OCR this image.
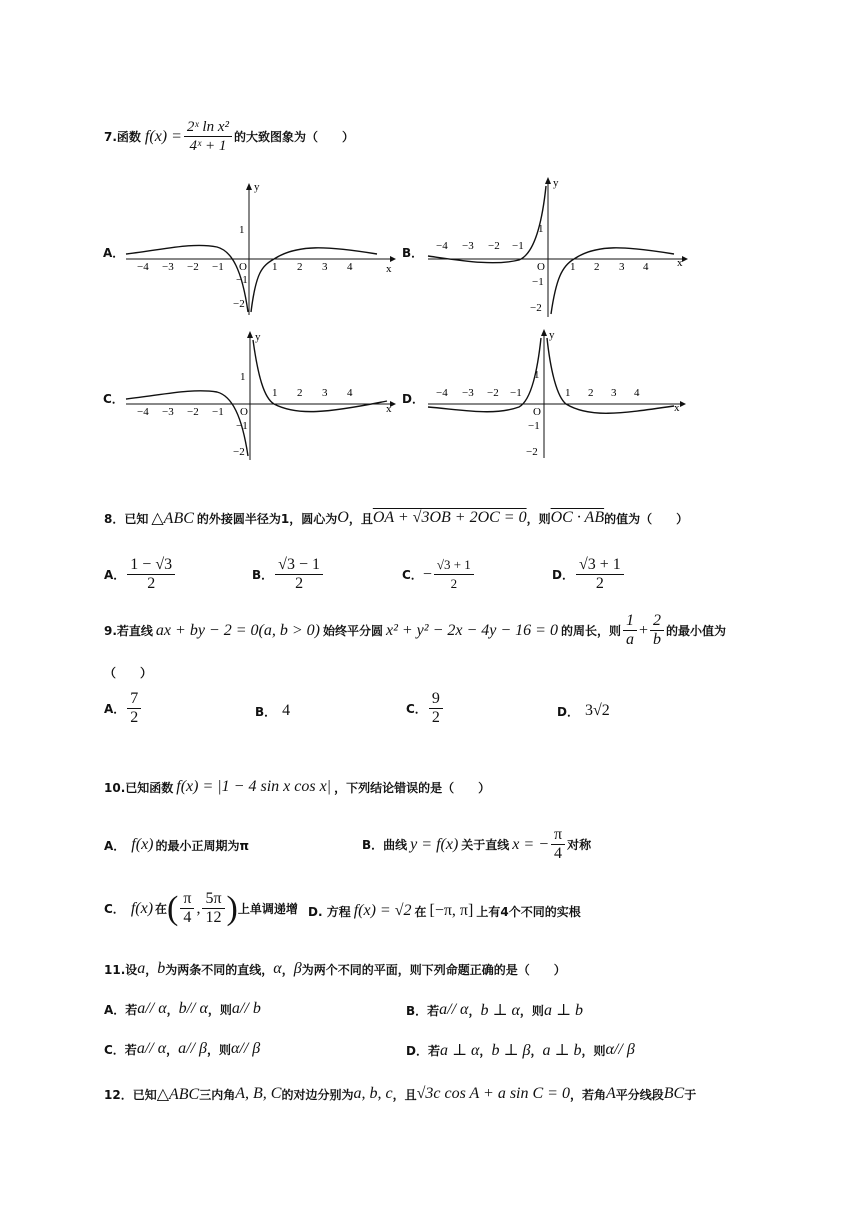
7.函数 $f(x) = \frac{\text{2ˣ ln x²}}{\text{4ˣ + 1}}$ 的大致图象为（　　）
A．	B．
C．	D．
y
x
O
−4 −3 −2 −1	1 2 3 4
1
−1
−2
y
x
O
−4 −3 −2 −1
1 2 3 4
1
−1
−2
y
x
O
−4 −3 −2 −1
1 2 3 4
1
−1
−2
y
x
O
−4 −3 −2 −1	1 2 3 4
1
−1
−2
8．已知 △ABC 的外接圆半径为1，圆心为 O ，且 OA + √3OB + 2OC = 0 ，则 OC · AB 的值为（　　）
A． $\frac{1 - √3}{2}$	B． $\frac{√3 - 1}{2}$	C． − $\frac{√3 + 1}{2}$	D． $\frac{√3 + 1}{2}$
9.若直线 ax + by − 2 = 0(a, b > 0) 始终平分圆 x² + y² − 2x − 4y − 16 = 0 的周长，则 $\frac{1}{a} + \frac{2}{b}$ 的最小值为
（　　）
A． $\frac{7}{2}$	B． 4	C． $\frac{9}{2}$	D． 3√2
10.已知函数 f(x) = |1 − 4 sin x cos x| ，下列结论错误的是（　　）
A． f(x) 的最小正周期为π	B． 曲线 y = f(x) 关于直线 x = − $\frac{\pi}{4}$ 对称
C． f(x) 在 ( $\frac{\pi}{4}$ , $\frac{5\pi}{12}$ ) 上单调递增 D. 方程 f(x) = √2 在 [−π, π] 上有4个不同的实根
11.设 a ， b 为两条不同的直线， α ， β 为两个不同的平面，则下列命题正确的是（　　）
A．若 a// α ， b// α ，则 a// b	B．若 a// α ， b ⊥ α ，则 a ⊥ b
C．若 a// α ， a// β ，则 α// β	D．若 a ⊥ α ， b ⊥ β ， a ⊥ b ，则 α// β
12．已知 △ABC 三内角 A, B, C 的对边分别为 a, b, c ，且 √3c cos A + a sin C = 0 ，若角 A 平分线段 BC 于
